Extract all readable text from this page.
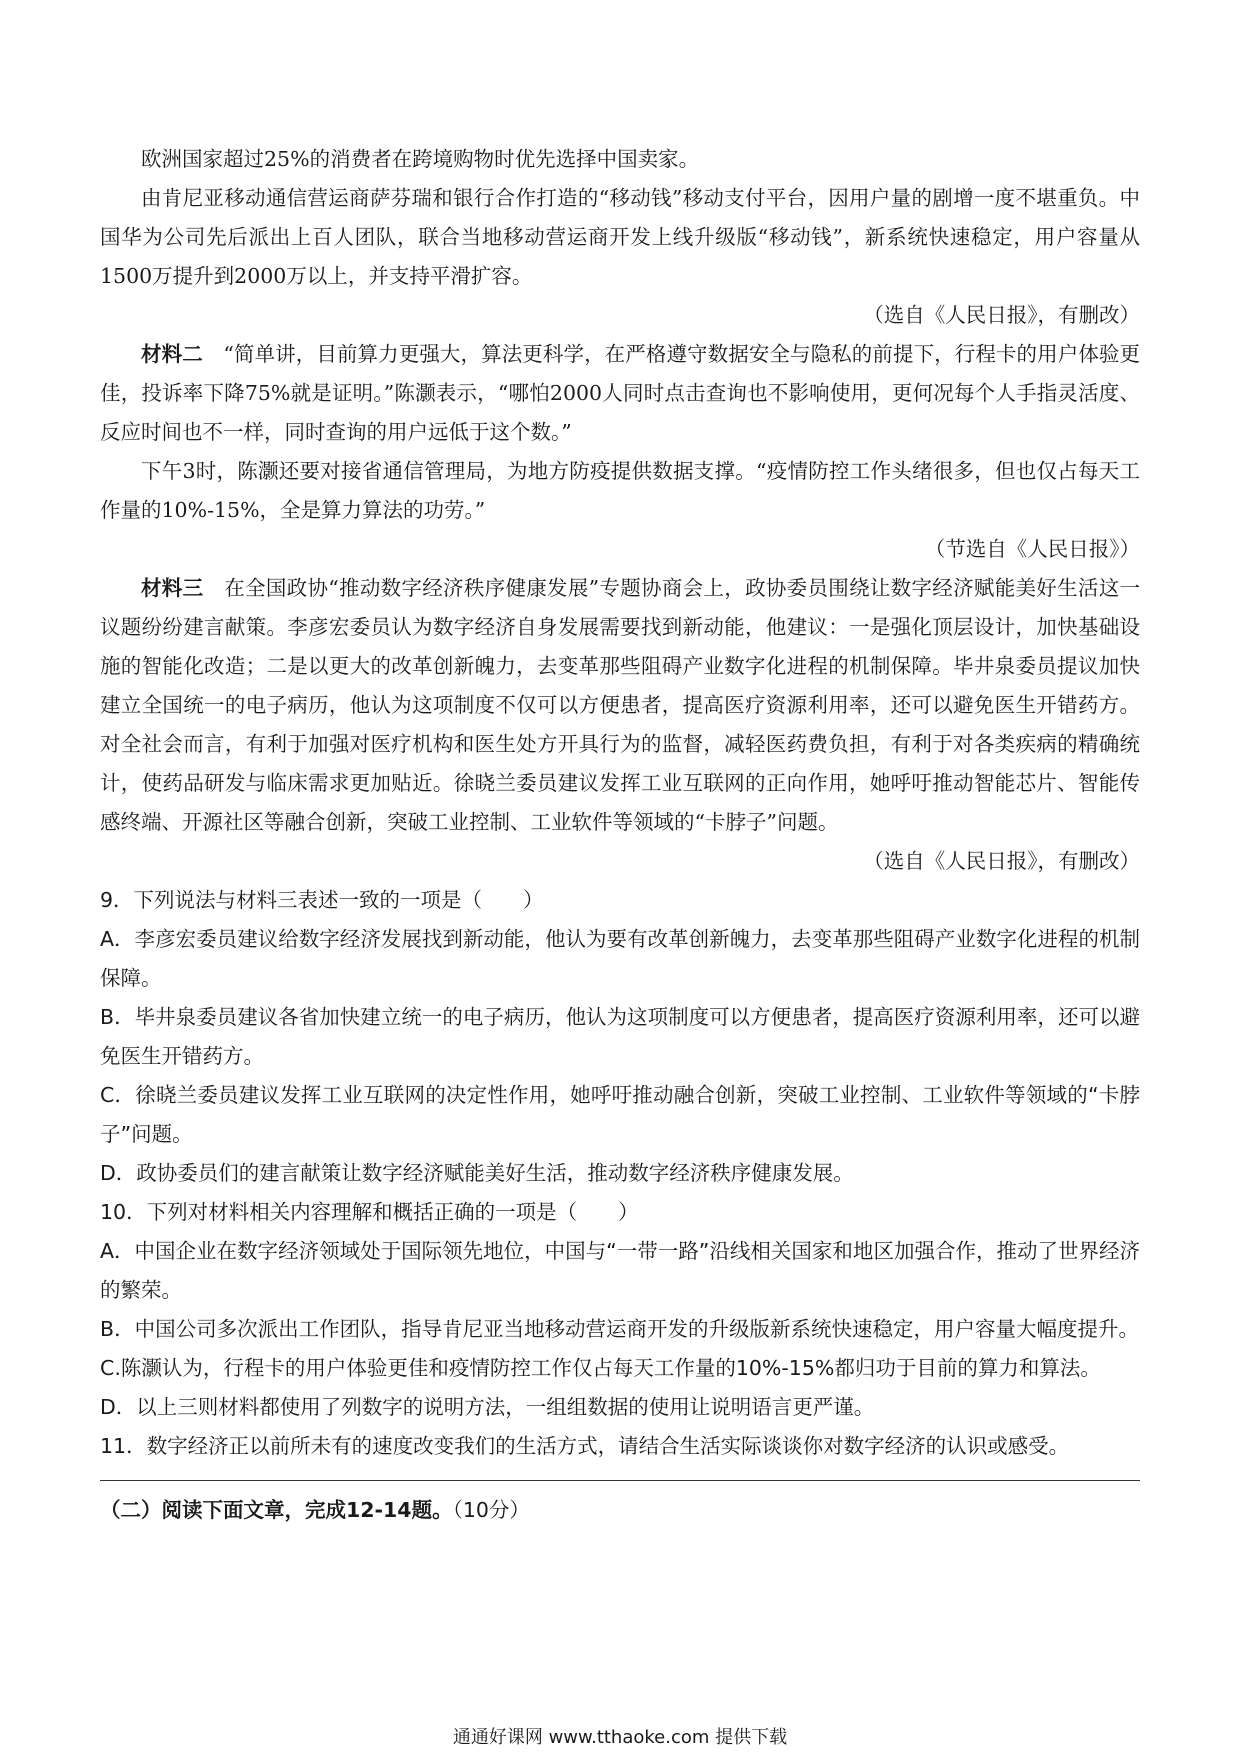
欧洲国家超过25%的消费者在跨境购物时优先选择中国卖家。

由肯尼亚移动通信营运商萨芬瑞和银行合作打造的“移动钱”移动支付平台，因用户量的剧增一度不堪重负。中国华为公司先后派出上百人团队，联合当地移动营运商开发上线升级版“移动钱”，新系统快速稳定，用户容量从1500万提升到2000万以上，并支持平滑扩容。

（选自《人民日报》，有删改）

材料二　 “简单讲，目前算力更强大，算法更科学，在严格遵守数据安全与隐私的前提下，行程卡的用户体验更佳，投诉率下降75%就是证明。”陈灏表示，“哪怕2000人同时点击查询也不影响使用，更何况每个人手指灵活度、反应时间也不一样，同时查询的用户远低于这个数。”

下午3时，陈灏还要对接省通信管理局，为地方防疫提供数据支撑。“疫情防控工作头绪很多，但也仅占每天工作量的10%-15%，全是算力算法的功劳。”

（节选自《人民日报》）

材料三　 在全国政协“推动数字经济秩序健康发展”专题协商会上，政协委员围绕让数字经济赋能美好生活这一议题纷纷建言献策。李彦宏委员认为数字经济自身发展需要找到新动能，他建议：一是强化顶层设计，加快基础设施的智能化改造；二是以更大的改革创新魄力，去变革那些阻碍产业数字化进程的机制保障。毕井泉委员提议加快建立全国统一的电子病历，他认为这项制度不仅可以方便患者，提高医疗资源利用率，还可以避免医生开错药方。对全社会而言，有利于加强对医疗机构和医生处方开具行为的监督，减轻医药费负担，有利于对各类疾病的精确统计，使药品研发与临床需求更加贴近。徐晓兰委员建议发挥工业互联网的正向作用，她呼吁推动智能芯片、智能传感终端、开源社区等融合创新，突破工业控制、工业软件等领域的“卡脖子”问题。

（选自《人民日报》，有删改）

9．下列说法与材料三表述一致的一项是（　　）

A．李彦宏委员建议给数字经济发展找到新动能，他认为要有改革创新魄力，去变革那些阻碍产业数字化进程的机制保障。

B．毕井泉委员建议各省加快建立统一的电子病历，他认为这项制度可以方便患者，提高医疗资源利用率，还可以避免医生开错药方。

C．徐晓兰委员建议发挥工业互联网的决定性作用，她呼吁推动融合创新，突破工业控制、工业软件等领域的“卡脖子”问题。

D．政协委员们的建言献策让数字经济赋能美好生活，推动数字经济秩序健康发展。

10．下列对材料相关内容理解和概括正确的一项是（　　）

A．中国企业在数字经济领域处于国际领先地位，中国与“一带一路”沿线相关国家和地区加强合作，推动了世界经济的繁荣。

B．中国公司多次派出工作团队，指导肯尼亚当地移动营运商开发的升级版新系统快速稳定，用户容量大幅度提升。

C.陈灏认为，行程卡的用户体验更佳和疫情防控工作仅占每天工作量的10%-15%都归功于目前的算力和算法。

D．以上三则材料都使用了列数字的说明方法，一组组数据的使用让说明语言更严谨。

11．数字经济正以前所未有的速度改变我们的生活方式，请结合生活实际谈谈你对数字经济的认识或感受。

（二）阅读下面文章，完成12-14题。（10分）

通通好课网 www.tthaoke.com 提供下载
